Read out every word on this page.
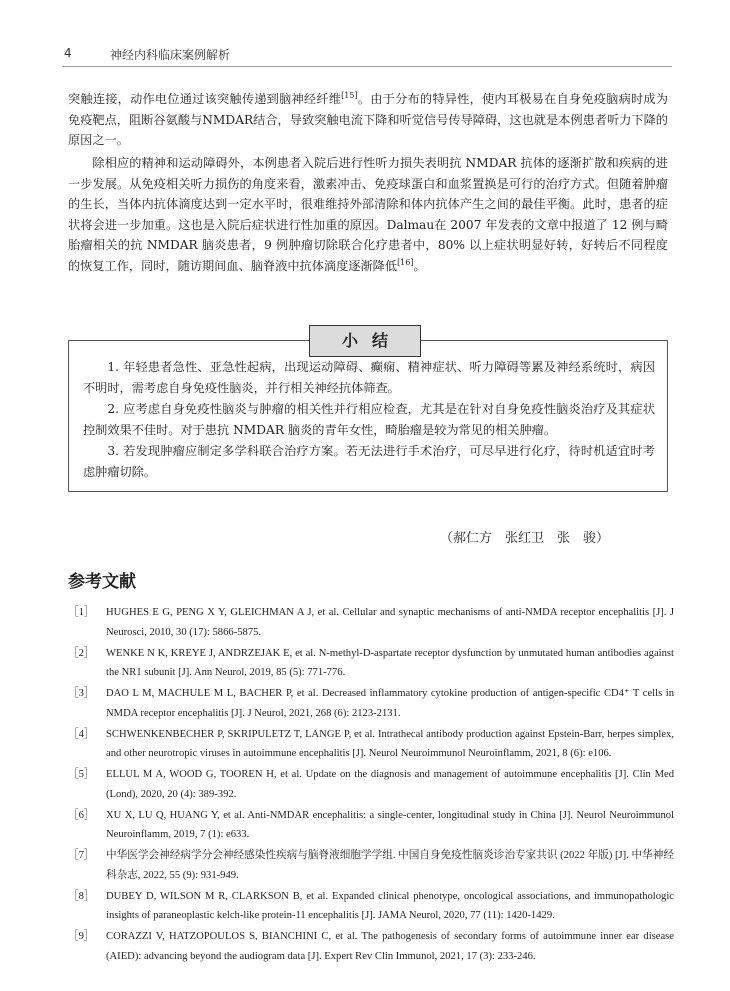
4	神经内科临床案例解析

突触连接，动作电位通过该突触传递到脑神经纤维[15]。由于分布的特异性，使内耳极易在自身免疫脑病时成为免疫靶点，阻断谷氨酸与NMDAR结合，导致突触电流下降和听觉信号传导障碍，这也就是本例患者听力下降的原因之一。

除相应的精神和运动障碍外，本例患者入院后进行性听力损失表明抗 NMDAR 抗体的逐渐扩散和疾病的进一步发展。从免疫相关听力损伤的角度来看，激素冲击、免疫球蛋白和血浆置换是可行的治疗方式。但随着肿瘤的生长，当体内抗体滴度达到一定水平时，很难维持外部清除和体内抗体产生之间的最佳平衡。此时，患者的症状将会进一步加重。这也是入院后症状进行性加重的原因。Dalmau在 2007 年发表的文章中报道了 12 例与畸胎瘤相关的抗 NMDAR 脑炎患者，9 例肿瘤切除联合化疗患者中，80% 以上症状明显好转，好转后不同程度的恢复工作，同时，随访期间血、脑脊液中抗体滴度逐渐降低[16]。

小结

1. 年轻患者急性、亚急性起病，出现运动障碍、癫痫、精神症状、听力障碍等累及神经系统时，病因不明时，需考虑自身免疫性脑炎，并行相关神经抗体筛查。

2. 应考虑自身免疫性脑炎与肿瘤的相关性并行相应检查，尤其是在针对自身免疫性脑炎治疗及其症状控制效果不佳时。对于患抗 NMDAR 脑炎的青年女性，畸胎瘤是较为常见的相关肿瘤。

3. 若发现肿瘤应制定多学科联合治疗方案。若无法进行手术治疗，可尽早进行化疗，待时机适宜时考虑肿瘤切除。

（郝仁方　张红卫　张　骏）
参考文献
［1］ HUGHES E G, PENG X Y, GLEICHMAN A J, et al. Cellular and synaptic mechanisms of anti-NMDA receptor encephalitis [J]. J Neurosci, 2010, 30 (17): 5866-5875.
［2］ WENKE N K, KREYE J, ANDRZEJAK E, et al. N-methyl-D-aspartate receptor dysfunction by unmutated human antibodies against the NR1 subunit [J]. Ann Neurol, 2019, 85 (5): 771-776.
［3］ DAO L M, MACHULE M L, BACHER P, et al. Decreased inflammatory cytokine production of antigen-specific CD4⁺ T cells in NMDA receptor encephalitis [J]. J Neurol, 2021, 268 (6): 2123-2131.
［4］ SCHWENKENBECHER P, SKRIPULETZ T, LANGE P, et al. Intrathecal antibody production against Epstein-Barr, herpes simplex, and other neurotropic viruses in autoimmune encephalitis [J]. Neurol Neuroimmunol Neuroinflamm, 2021, 8 (6): e106.
［5］ ELLUL M A, WOOD G, TOOREN H, et al. Update on the diagnosis and management of autoimmune encephalitis [J]. Clin Med (Lond), 2020, 20 (4): 389-392.
［6］ XU X, LU Q, HUANG Y, et al. Anti-NMDAR encephalitis: a single-center, longitudinal study in China [J]. Neurol Neuroimmunol Neuroinflamm, 2019, 7 (1): e633.
［7］ 中华医学会神经病学分会神经感染性疾病与脑脊液细胞学学组. 中国自身免疫性脑炎诊治专家共识 (2022 年版) [J]. 中华神经科杂志, 2022, 55 (9): 931-949.
［8］ DUBEY D, WILSON M R, CLARKSON B, et al. Expanded clinical phenotype, oncological associations, and immunopathologic insights of paraneoplastic kelch-like protein-11 encephalitis [J]. JAMA Neurol, 2020, 77 (11): 1420-1429.
［9］ CORAZZI V, HATZOPOULOS S, BIANCHINI C, et al. The pathogenesis of secondary forms of autoimmune inner ear disease (AIED): advancing beyond the audiogram data [J]. Expert Rev Clin Immunol, 2021, 17 (3): 233-246.
